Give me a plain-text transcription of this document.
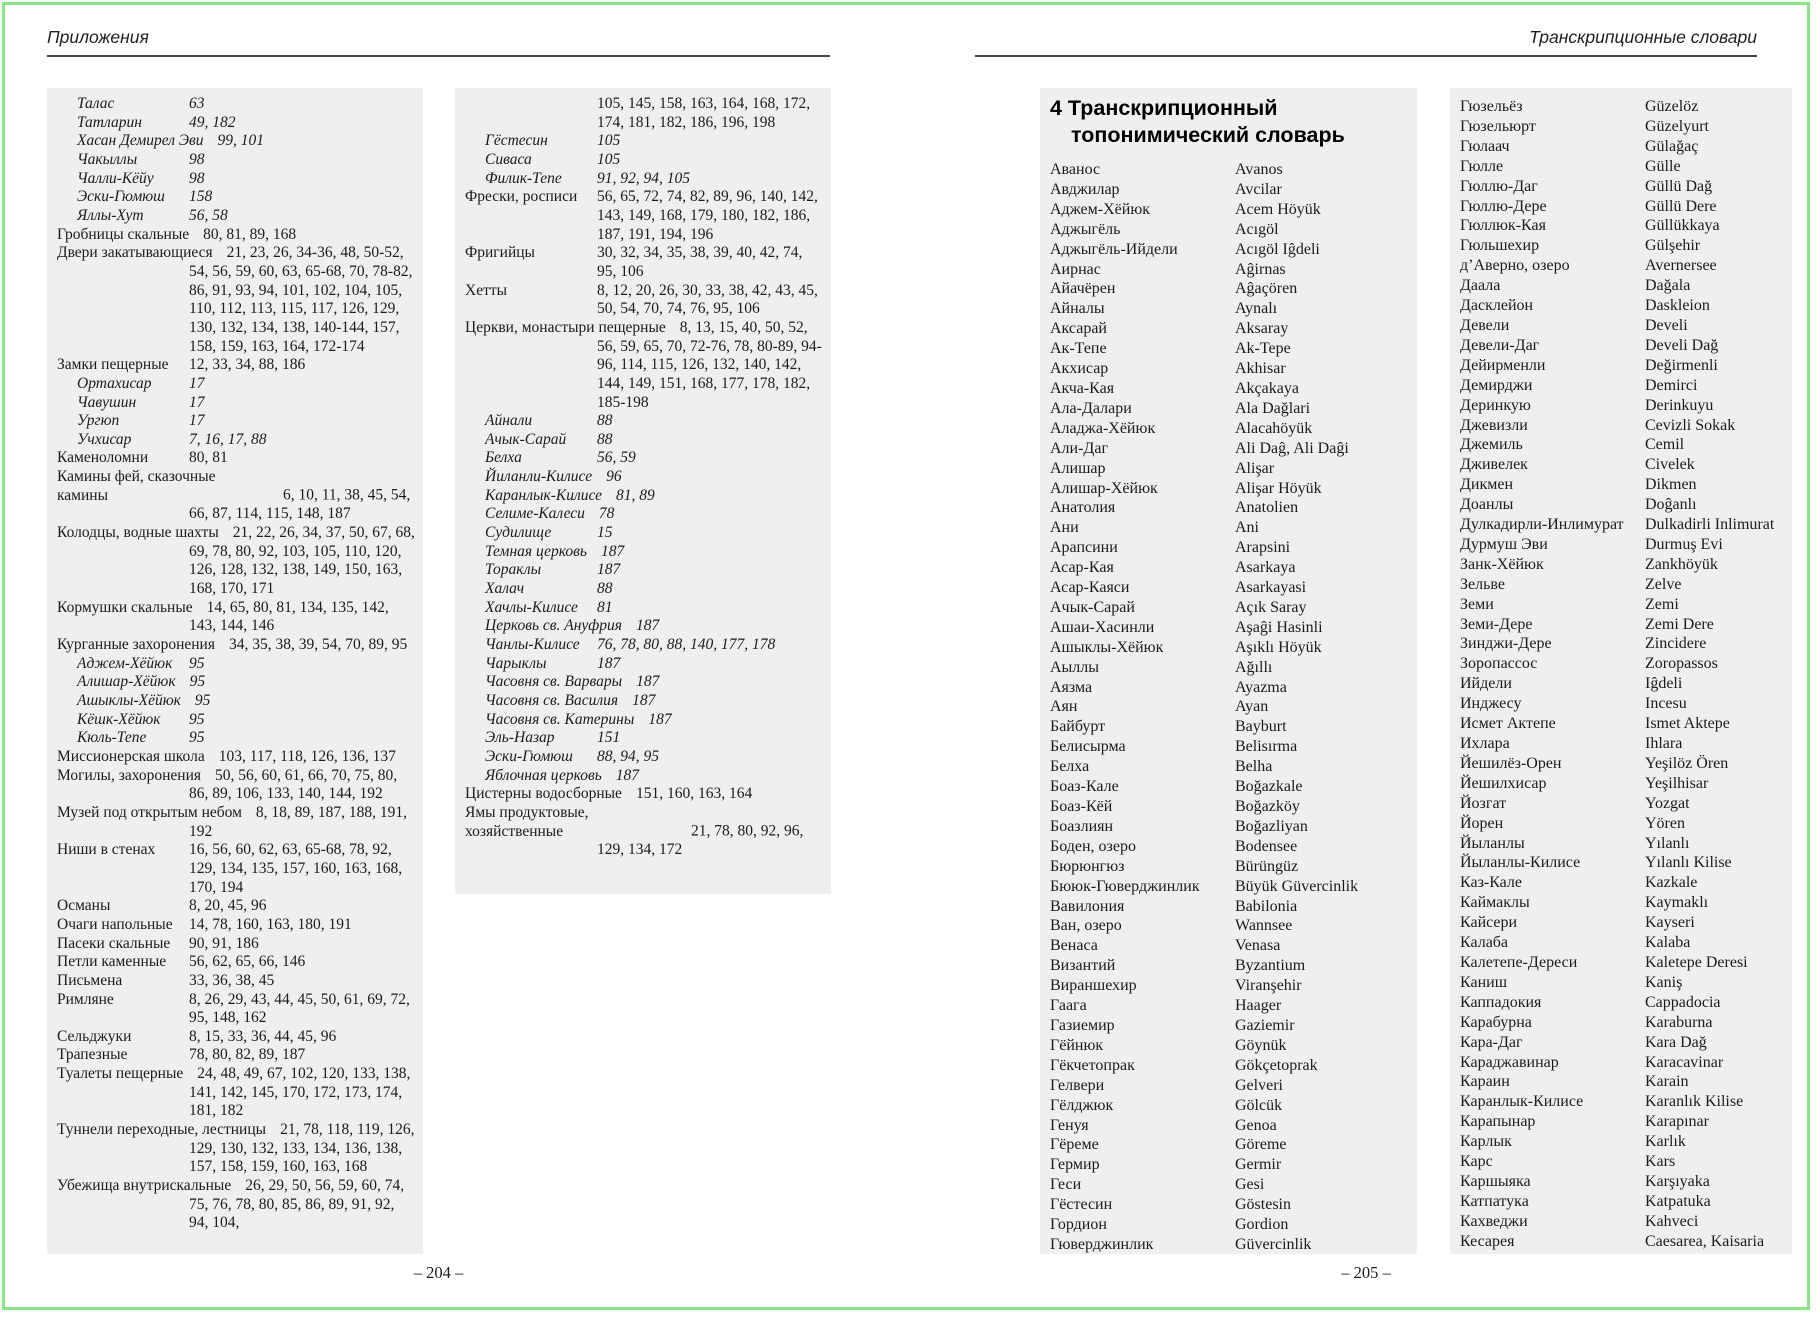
Приложения	Транскрипционные словари
Талас	63
Татларин	49, 182
Хасан Демирел Эви 99, 101
Чакыллы	98
Чалли-Кёйу 98
Эски-Гюмюш 158
Яллы-Хут	56, 58
Гробницы скальные 80, 81, 89, 168
Двери закатывающиеся 21, 23, 26, 34-36, 48, 50-52, 54, 56, 59, 60, 63, 65-68, 70, 78-82, 86, 91, 93, 94, 101, 102, 104, 105, 110, 112, 113, 115, 117, 126, 129, 130, 132, 134, 138, 140-144, 157, 158, 159, 163, 164, 172-174
Замки пещерные 12, 33, 34, 88, 186
Ортахисар 17
Чавушин	17
Ургюп	17
Учхисар	7, 16, 17, 88
Каменоломни	80, 81
Камины фей, сказочные камины	6, 10, 11, 38, 45, 54, 66, 87, 114, 115, 148, 187
Колодцы, водные шахты 21, 22, 26, 34, 37, 50, 67, 68, 69, 78, 80, 92, 103, 105, 110, 120, 126, 128, 132, 138, 149, 150, 163, 168, 170, 171
Кормушки скальные 14, 65, 80, 81, 134, 135, 142, 143, 144, 146
Курганные захоронения 34, 35, 38, 39, 54, 70, 89, 95
Аджем-Хёйюк 95
Алишар-Хёйюк 95
Ашыклы-Хёйюк 95
Кёшк-Хёйюк 95
Кюль-Тепе	95
Миссионерская школа 103, 117, 118, 126, 136, 137
Могилы, захоронения 50, 56, 60, 61, 66, 70, 75, 80, 86, 89, 106, 133, 140, 144, 192
Музей под открытым небом 8, 18, 89, 187, 188, 191, 192
Ниши в стенах 16, 56, 60, 62, 63, 65-68, 78, 92, 129, 134, 135, 157, 160, 163, 168, 170, 194
Османы	8, 20, 45, 96
Очаги напольные 14, 78, 160, 163, 180, 191
Пасеки скальные 90, 91, 186
Петли каменные 56, 62, 65, 66, 146
Письмена	33, 36, 38, 45
Римляне	8, 26, 29, 43, 44, 45, 50, 61, 69, 72, 95, 148, 162
Сельджуки	8, 15, 33, 36, 44, 45, 96
Трапезные	78, 80, 82, 89, 187
Туалеты пещерные 24, 48, 49, 67, 102, 120, 133, 138, 141, 142, 145, 170, 172, 173, 174, 181, 182
Туннели переходные, лестницы 21, 78, 118, 119, 126, 129, 130, 132, 133, 134, 136, 138, 157, 158, 159, 160, 163, 168
Убежища внутрискальные 26, 29, 50, 56, 59, 60, 74, 75, 76, 78, 80, 85, 86, 89, 91, 92, 94, 104,
105, 145, 158, 163, 164, 168, 172, 174, 181, 182, 186, 196, 198
Гёстесин	105
Сиваса	105
Филик-Тепе 91, 92, 94, 105
Фрески, росписи 56, 65, 72, 74, 82, 89, 96, 140, 142, 143, 149, 168, 179, 180, 182, 186, 187, 191, 194, 196
Фригийцы	30, 32, 34, 35, 38, 39, 40, 42, 74, 95, 106
Хетты	8, 12, 20, 26, 30, 33, 38, 42, 43, 45, 50, 54, 70, 74, 76, 95, 106
Церкви, монастыри пещерные 8, 13, 15, 40, 50, 52, 56, 59, 65, 70, 72-76, 78, 80-89, 94-96, 114, 115, 126, 132, 140, 142, 144, 149, 151, 168, 177, 178, 182, 185-198
Айнали	88
Ачык-Сарай 88
Белха	56, 59
Йиланли-Килисе 96
Каранлык-Килисе 81, 89
Селиме-Калеси 78
Судилище	15
Темная церковь 187
Тораклы	187
Халач	88
Хачлы-Килисе 81
Церковь св. Ануфрия 187
Чанлы-Килисе 76, 78, 80, 88, 140, 177, 178
Чарыклы	187
Часовня св. Варвары 187
Часовня св. Василия 187
Часовня св. Катерины 187
Эль-Назар	151
Эски-Гюмюш 88, 94, 95
Яблочная церковь 187
Цистерны водосборные 151, 160, 163, 164
Ямы продуктовые, хозяйственные	21, 78, 80, 92, 96, 129, 134, 172
4 Транскрипционный
топонимический словарь
Аванос	Avanos
Авджилар	Avcilar
Аджем-Хёйюк	Acem Höyük
Аджыгёль	Acıgöl
Аджыгёль-Ийдели	Acıgöl Iĝdeli
Аирнас	Aĝirnas
Айачёрен	Aĝaçören
Айналы	Aynalı
Аксарай	Aksaray
Ак-Тепе	Ak-Tepe
Акхисар	Akhisar
Акча-Кая	Akçakaya
Ала-Далари	Ala Dağlari
Аладжа-Хёйюк	Alacahöyük
Али-Даг	Ali Daĝ, Ali Daĝi
Алишар	Alişar
Алишар-Хёйюк	Alişar Höyük
Анатолия	Anatolien
Ани	Ani
Арапсини	Arapsini
Асар-Кая	Asarkaya
Асар-Каяси	Asarkayasi
Ачык-Сарай	Açık Saray
Ашаи-Хасинли	Aşaĝi Hasinli
Ашыклы-Хёйюк	Aşıklı Höyük
Аыллы	Ağıllı
Аязма	Ayazma
Аян	Ayan
Байбурт	Bayburt
Белисырма	Belisırma
Белха	Belha
Боаз-Кале	Boğazkale
Боаз-Кёй	Boğazköy
Боазлиян	Boğazliyan
Боден, озеро	Bodensee
Бюрюнгюз	Bürüngüz
Бююк-Гюверджинлик	Büyük Güvercinlik
Вавилония	Babilonia
Ван, озеро	Wannsee
Венаса	Venasa
Византий	Byzantium
Вираншехир	Viranşehir
Гаага	Haager
Газиемир	Gaziemir
Гёйнюк	Göynük
Гёкчетопрак	Gökçetoprak
Гелвери	Gelveri
Гёлджюк	Gölcük
Генуя	Genoa
Гёреме	Göreme
Гермир	Germir
Геси	Gesi
Гёстесин	Göstesin
Гордион	Gordion
Гюверджинлик	Güvercinlik
Гюзельёз	Güzelöz
Гюзельюрт	Güzelyurt
Гюлаач	Gülağaç
Гюлле	Gülle
Гюллю-Даг	Güllü Dağ
Гюллю-Дере	Güllü Dere
Гюллюк-Кая	Güllükkaya
Гюльшехир	Gülşehir
д’Аверно, озеро	Avernersee
Даала	Dağala
Дасклейон	Daskleion
Девели	Develi
Девели-Даг	Develi Dağ
Дейирменли	Değirmenli
Демирджи	Demirci
Деринкую	Derinkuyu
Джевизли	Cevizli Sokak
Джемиль	Cemil
Дживелек	Civelek
Дикмен	Dikmen
Доанлы	Doĝanlı
Дулкадирли-Инлимурат	Dulkadirli Inlimurat
Дурмуш Эви	Durmuş Evi
Занк-Хёйюк	Zankhöyük
Зельве	Zelve
Земи	Zemi
Земи-Дере	Zemi Dere
Зинджи-Дере	Zincidere
Зоропассос	Zoropassos
Ийдели	Iĝdeli
Инджесу	Incesu
Исмет Актепе	Ismet Aktepe
Ихлара	Ihlara
Йешилёз-Орен	Yeşilöz Ören
Йешилхисар	Yeşilhisar
Йозгат	Yozgat
Йорен	Yören
Йыланлы	Yılanlı
Йыланлы-Килисе	Yılanlı Kilise
Каз-Кале	Kazkale
Каймаклы	Kaymaklı
Кайсери	Kayseri
Калаба	Kalaba
Калетепе-Дереси	Kaletepe Deresi
Каниш	Kaniş
Каппадокия	Cappadocia
Карабурна	Karaburna
Кара-Даг	Kara Dağ
Караджавинар	Karacavinar
Караин	Karain
Каранлык-Килисе	Karanlık Kilise
Карапынар	Karapınar
Карлык	Karlık
Карс	Kars
Каршыяка	Karşıyaka
Катпатука	Katpatuka
Кахведжи	Kahveci
Кесарея	Caesarea, Kaisaria
– 204 –	– 205 –
